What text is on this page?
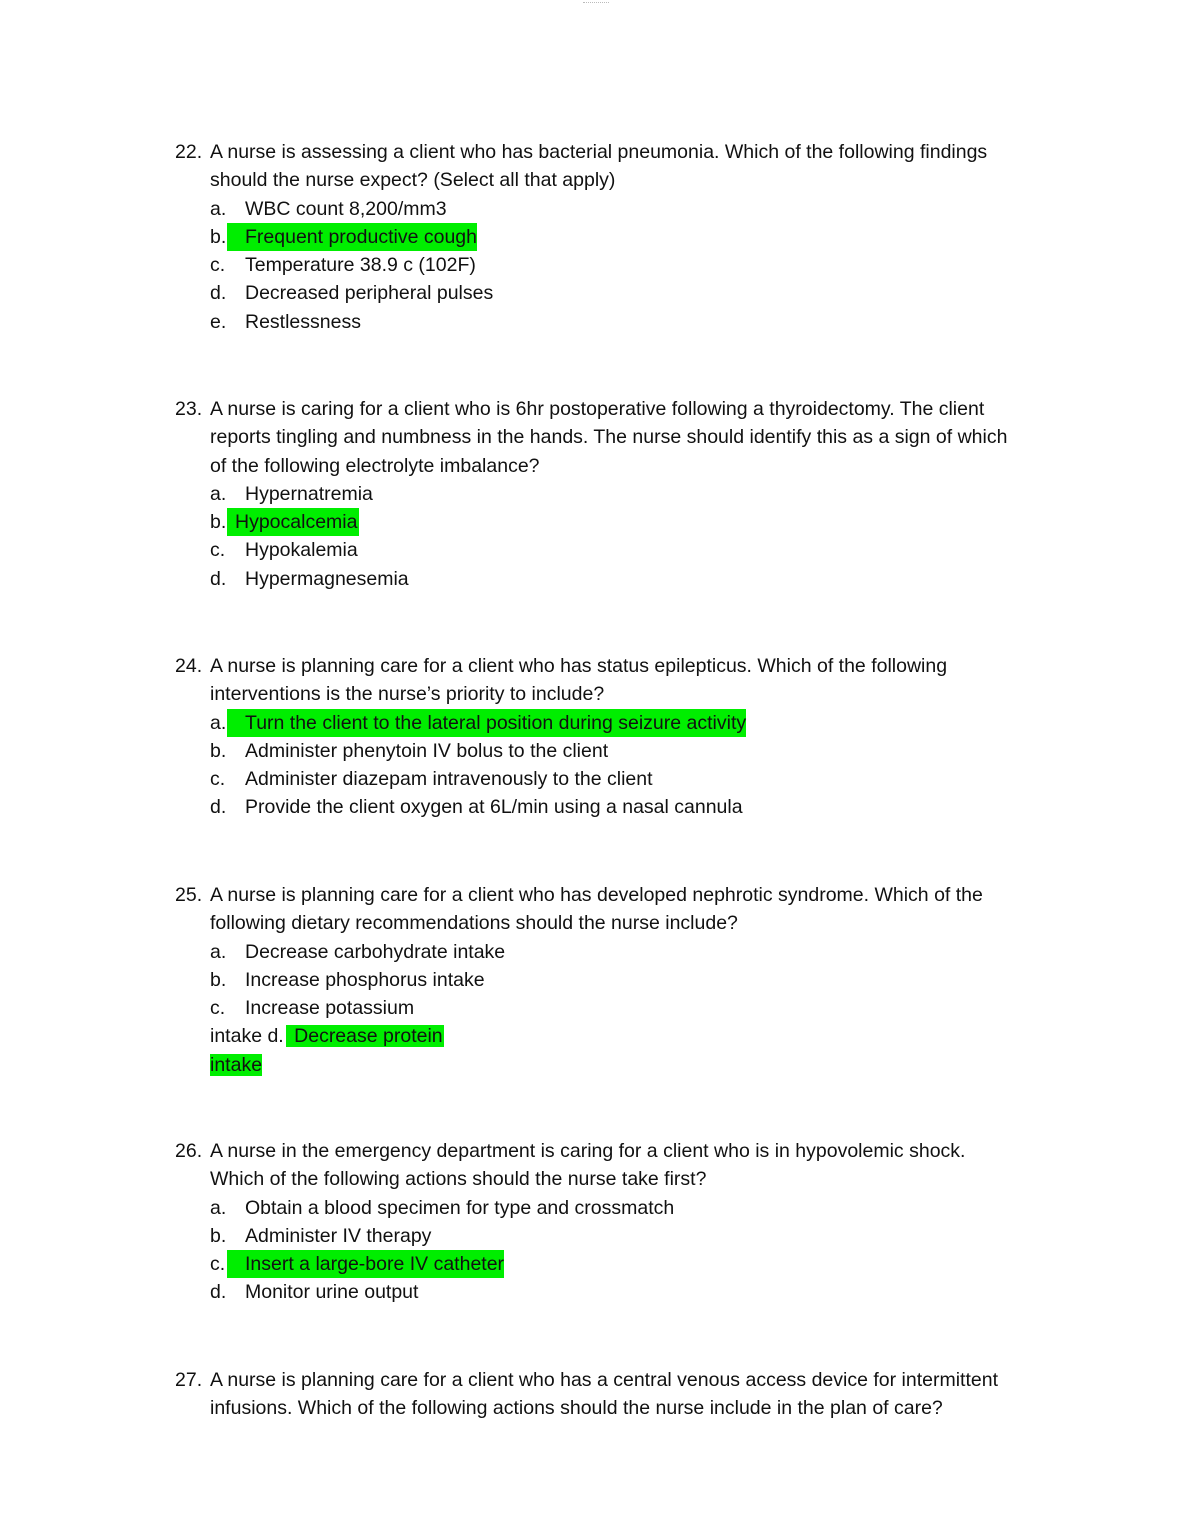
22. A nurse is assessing a client who has bacterial pneumonia. Which of the following findings should the nurse expect? (Select all that apply)
a. WBC count 8,200/mm3
b. Frequent productive cough
c. Temperature 38.9 c (102F)
d. Decreased peripheral pulses
e. Restlessness
23. A nurse is caring for a client who is 6hr postoperative following a thyroidectomy. The client reports tingling and numbness in the hands. The nurse should identify this as a sign of which of the following electrolyte imbalance?
a. Hypernatremia
b. Hypocalcemia
c. Hypokalemia
d. Hypermagnesemia
24. A nurse is planning care for a client who has status epilepticus. Which of the following interventions is the nurse’s priority to include?
a. Turn the client to the lateral position during seizure activity
b. Administer phenytoin IV bolus to the client
c. Administer diazepam intravenously to the client
d. Provide the client oxygen at 6L/min using a nasal cannula
25. A nurse is planning care for a client who has developed nephrotic syndrome. Which of the following dietary recommendations should the nurse include?
a. Decrease carbohydrate intake
b. Increase phosphorus intake
c. Increase potassium
intake d. Decrease protein
intake
26. A nurse in the emergency department is caring for a client who is in hypovolemic shock. Which of the following actions should the nurse take first?
a. Obtain a blood specimen for type and crossmatch
b. Administer IV therapy
c.	Insert a large-bore IV catheter
d. Monitor urine output
27. A nurse is planning care for a client who has a central venous access device for intermittent infusions. Which of the following actions should the nurse include in the plan of care?
